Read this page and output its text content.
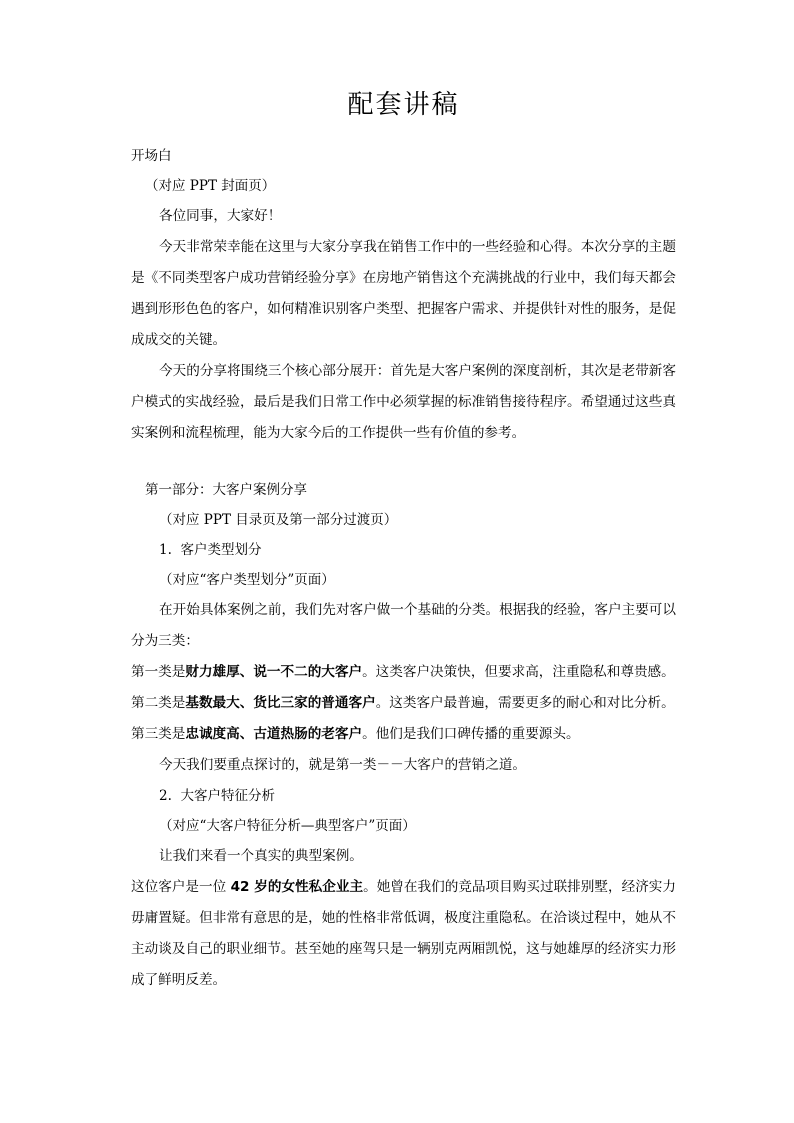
配套讲稿

开场白

（对应 PPT 封面页）

各位同事，大家好！

今天非常荣幸能在这里与大家分享我在销售工作中的一些经验和心得。本次分享的主题是《不同类型客户成功营销经验分享》在房地产销售这个充满挑战的行业中，我们每天都会遇到形形色色的客户，如何精准识别客户类型、把握客户需求、并提供针对性的服务，是促成成交的关键。

今天的分享将围绕三个核心部分展开：首先是大客户案例的深度剖析，其次是老带新客户模式的实战经验，最后是我们日常工作中必须掌握的标准销售接待程序。希望通过这些真实案例和流程梳理，能为大家今后的工作提供一些有价值的参考。

第一部分：大客户案例分享

（对应 PPT 目录页及第一部分过渡页）

1. 客户类型划分

（对应“客户类型划分”页面）

在开始具体案例之前，我们先对客户做一个基础的分类。根据我的经验，客户主要可以分为三类：

第一类是财力雄厚、说一不二的大客户。这类客户决策快，但要求高，注重隐私和尊贵感。

第二类是基数最大、货比三家的普通客户。这类客户最普遍，需要更多的耐心和对比分析。

第三类是忠诚度高、古道热肠的老客户。他们是我们口碑传播的重要源头。

今天我们要重点探讨的，就是第一类－－大客户的营销之道。

2. 大客户特征分析

（对应“大客户特征分析—典型客户”页面）

让我们来看一个真实的典型案例。

这位客户是一位 42 岁的女性私企业主。她曾在我们的竞品项目购买过联排别墅，经济实力毋庸置疑。但非常有意思的是，她的性格非常低调，极度注重隐私。在洽谈过程中，她从不主动谈及自己的职业细节。甚至她的座驾只是一辆别克两厢凯悦，这与她雄厚的经济实力形成了鲜明反差。
